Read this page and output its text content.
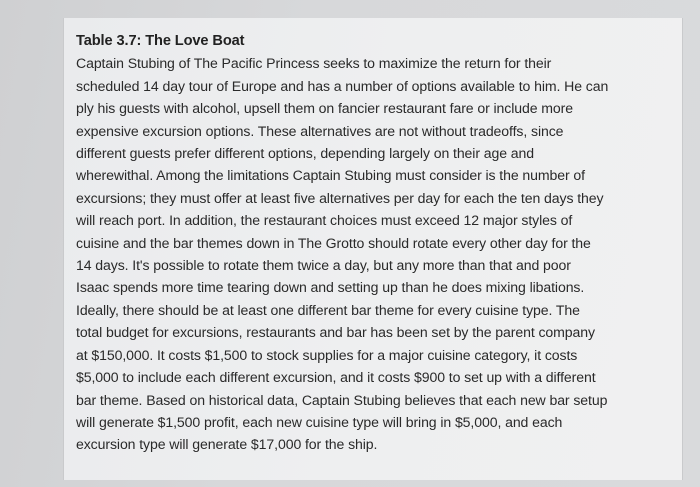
Table 3.7: The Love Boat
Captain Stubing of The Pacific Princess seeks to maximize the return for their
scheduled 14 day tour of Europe and has a number of options available to him. He can
ply his guests with alcohol, upsell them on fancier restaurant fare or include more
expensive excursion options. These alternatives are not without tradeoffs, since
different guests prefer different options, depending largely on their age and
wherewithal. Among the limitations Captain Stubing must consider is the number of
excursions; they must offer at least five alternatives per day for each the ten days they
will reach port. In addition, the restaurant choices must exceed 12 major styles of
cuisine and the bar themes down in The Grotto should rotate every other day for the
14 days. It's possible to rotate them twice a day, but any more than that and poor
Isaac spends more time tearing down and setting up than he does mixing libations.
Ideally, there should be at least one different bar theme for every cuisine type. The
total budget for excursions, restaurants and bar has been set by the parent company
at $150,000. It costs $1,500 to stock supplies for a major cuisine category, it costs
$5,000 to include each different excursion, and it costs $900 to set up with a different
bar theme. Based on historical data, Captain Stubing believes that each new bar setup
will generate $1,500 profit, each new cuisine type will bring in $5,000, and each
excursion type will generate $17,000 for the ship.
